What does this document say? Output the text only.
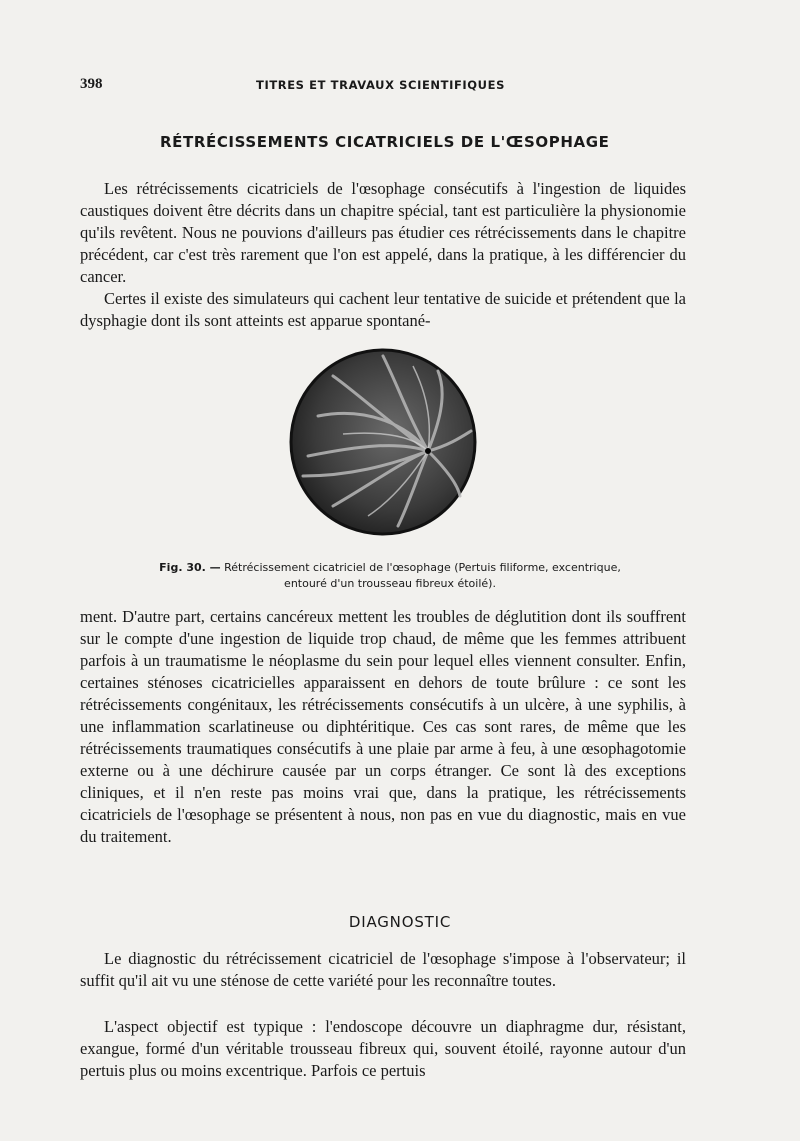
398	TITRES ET TRAVAUX SCIENTIFIQUES
RÉTRÉCISSEMENTS CICATRICIELS DE L'ŒSOPHAGE

Les rétrécissements cicatriciels de l'œsophage consécutifs à l'ingestion de liquides caustiques doivent être décrits dans un chapitre spécial, tant est particulière la physionomie qu'ils revêtent. Nous ne pouvions d'ailleurs pas étudier ces rétrécissements dans le chapitre précédent, car c'est très rarement que l'on est appelé, dans la pratique, à les différencier du cancer.

Certes il existe des simulateurs qui cachent leur tentative de suicide et prétendent que la dysphagie dont ils sont atteints est apparue spontané-

Fig. 30. — Rétrécissement cicatriciel de l'œsophage (Pertuis filiforme, excentrique, entouré d'un trousseau fibreux étoilé).

ment. D'autre part, certains cancéreux mettent les troubles de déglutition dont ils souffrent sur le compte d'une ingestion de liquide trop chaud, de même que les femmes attribuent parfois à un traumatisme le néoplasme du sein pour lequel elles viennent consulter. Enfin, certaines sténoses cicatricielles apparaissent en dehors de toute brûlure : ce sont les rétrécissements congénitaux, les rétrécissements consécutifs à un ulcère, à une syphilis, à une inflammation scarlatineuse ou diphtéritique. Ces cas sont rares, de même que les rétrécissements traumatiques consécutifs à une plaie par arme à feu, à une œsophagotomie externe ou à une déchirure causée par un corps étranger. Ce sont là des exceptions cliniques, et il n'en reste pas moins vrai que, dans la pratique, les rétrécissements cicatriciels de l'œsophage se présentent à nous, non pas en vue du diagnostic, mais en vue du traitement.

DIAGNOSTIC

Le diagnostic du rétrécissement cicatriciel de l'œsophage s'impose à l'observateur; il suffit qu'il ait vu une sténose de cette variété pour les reconnaître toutes.

L'aspect objectif est typique : l'endoscope découvre un diaphragme dur, résistant, exangue, formé d'un véritable trousseau fibreux qui, souvent étoilé, rayonne autour d'un pertuis plus ou moins excentrique. Parfois ce pertuis
